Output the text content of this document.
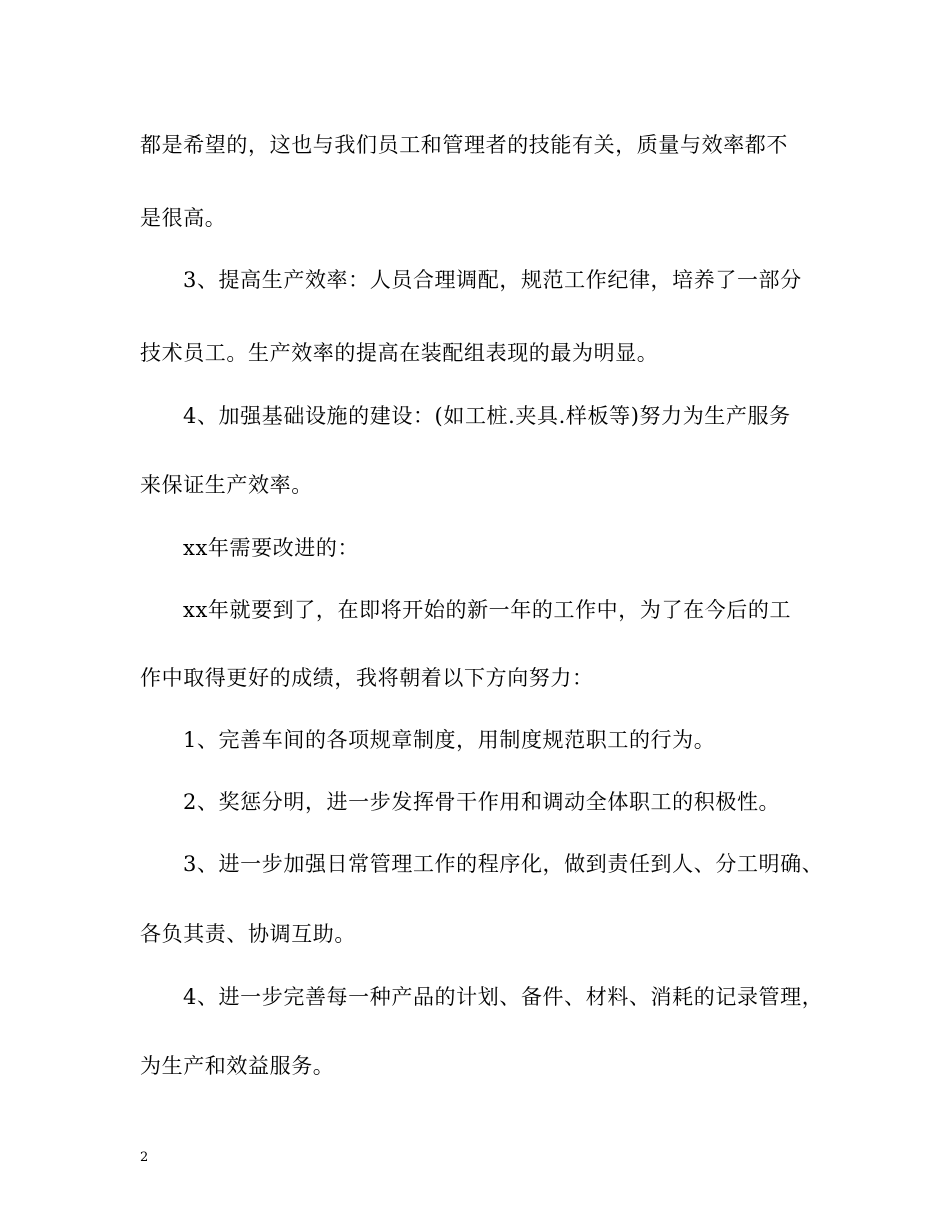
都是希望的，这也与我们员工和管理者的技能有关，质量与效率都不
是很高。
3、提高生产效率：人员合理调配，规范工作纪律，培养了一部分
技术员工。生产效率的提高在装配组表现的最为明显。
4、加强基础设施的建设：(如工桩.夹具.样板等)努力为生产服务
来保证生产效率。
xx年需要改进的：
xx年就要到了，在即将开始的新一年的工作中，为了在今后的工
作中取得更好的成绩，我将朝着以下方向努力：
1、完善车间的各项规章制度，用制度规范职工的行为。
2、奖惩分明，进一步发挥骨干作用和调动全体职工的积极性。
3、进一步加强日常管理工作的程序化，做到责任到人、分工明确、
各负其责、协调互助。
4、进一步完善每一种产品的计划、备件、材料、消耗的记录管理，
为生产和效益服务。
2
